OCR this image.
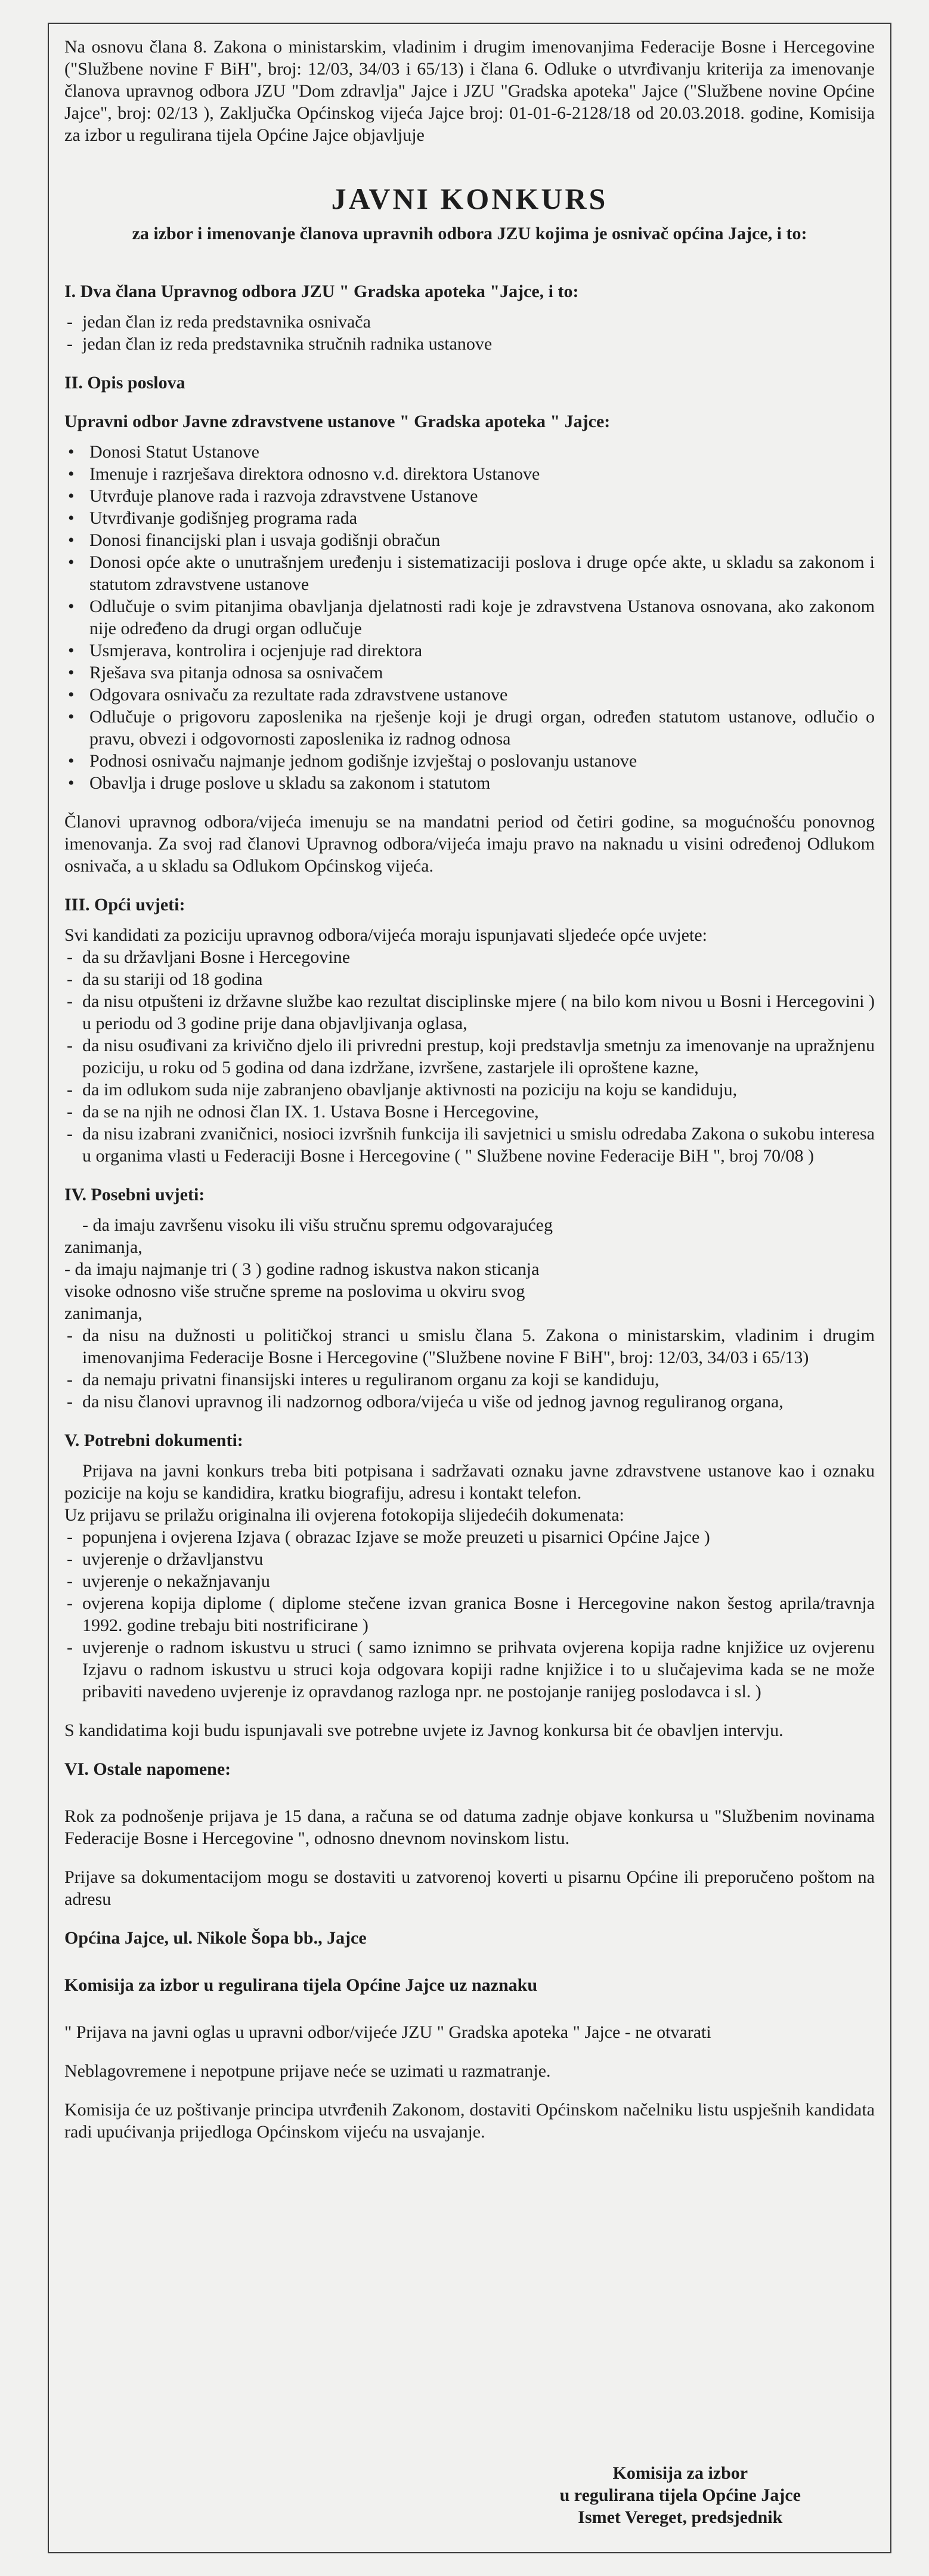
Na osnovu člana 8. Zakona o ministarskim, vladinim i drugim imenovanjima Federacije Bosne i Hercegovine ("Službene novine F BiH", broj: 12/03, 34/03 i 65/13) i člana 6. Odluke o utvrđivanju kriterija za imenovanje članova upravnog odbora JZU "Dom zdravlja" Jajce i JZU "Gradska apoteka" Jajce ("Službene novine Općine Jajce", broj: 02/13 ), Zaključka Općinskog vijeća Jajce broj: 01-01-6-2128/18 od 20.03.2018. godine, Komisija za izbor u regulirana tijela Općine Jajce objavljuje

JAVNI KONKURS
za izbor i imenovanje članova upravnih odbora JZU kojima je osnivač općina Jajce, i to:

I. Dva člana Upravnog odbora JZU " Gradska apoteka "Jajce, i to:

- jedan član iz reda predstavnika osnivača
- jedan član iz reda predstavnika stručnih radnika ustanove

II. Opis poslova

Upravni odbor Javne zdravstvene ustanove " Gradska apoteka " Jajce:

• Donosi Statut Ustanove
• Imenuje i razrješava direktora odnosno v.d. direktora Ustanove
• Utvrđuje planove rada i razvoja zdravstvene Ustanove
• Utvrđivanje godišnjeg programa rada
• Donosi financijski plan i usvaja godišnji obračun
• Donosi opće akte o unutrašnjem uređenju i sistematizaciji poslova i druge opće akte, u skladu sa zakonom i statutom zdravstvene ustanove
• Odlučuje o svim pitanjima obavljanja djelatnosti radi koje je zdravstvena Ustanova osnovana, ako zakonom nije određeno da drugi organ odlučuje
• Usmjerava, kontrolira i ocjenjuje rad direktora
• Rješava sva pitanja odnosa sa osnivačem
• Odgovara osnivaču za rezultate rada zdravstvene ustanove
• Odlučuje o prigovoru zaposlenika na rješenje koji je drugi organ, određen statutom ustanove, odlučio o pravu, obvezi i odgovornosti zaposlenika iz radnog odnosa
• Podnosi osnivaču najmanje jednom godišnje izvještaj o poslovanju ustanove
• Obavlja i druge poslove u skladu sa zakonom i statutom

Članovi upravnog odbora/vijeća imenuju se na mandatni period od četiri godine, sa mogućnošću ponovnog imenovanja. Za svoj rad članovi Upravnog odbora/vijeća imaju pravo na naknadu u visini određenoj Odlukom osnivača, a u skladu sa Odlukom Općinskog vijeća.

III. Opći uvjeti:

Svi kandidati za poziciju upravnog odbora/vijeća moraju ispunjavati sljedeće opće uvjete:

- da su državljani Bosne i Hercegovine
- da su stariji od 18 godina
- da nisu otpušteni iz državne službe kao rezultat disciplinske mjere ( na bilo kom nivou u Bosni i Hercegovini ) u periodu od 3 godine prije dana objavljivanja oglasa,
- da nisu osuđivani za krivično djelo ili privredni prestup, koji predstavlja smetnju za imenovanje na upražnjenu poziciju, u roku od 5 godina od dana izdržane, izvršene, zastarjele ili oproštene kazne,
- da im odlukom suda nije zabranjeno obavljanje aktivnosti na poziciju na koju se kandiduju,
- da se na njih ne odnosi član IX. 1. Ustava Bosne i Hercegovine,
- da nisu izabrani zvaničnici, nosioci izvršnih funkcija ili savjetnici u smislu odredaba Zakona o sukobu interesa u organima vlasti u Federaciji Bosne i Hercegovine ( " Službene novine Federacije BiH ", broj 70/08 )

IV. Posebni uvjeti:

- da imaju završenu visoku ili višu stručnu spremu odgovarajućeg

zanimanja,

- da imaju najmanje tri ( 3 ) godine radnog iskustva nakon sticanja

visoke odnosno više stručne spreme na poslovima u okviru svog

zanimanja,

- da nisu na dužnosti u političkoj stranci u smislu člana 5. Zakona o ministarskim, vladinim i drugim imenovanjima Federacije Bosne i Hercegovine ("Službene novine F BiH", broj: 12/03, 34/03 i 65/13)
- da nemaju privatni finansijski interes u reguliranom organu za koji se kandiduju,
- da nisu članovi upravnog ili nadzornog odbora/vijeća u više od jednog javnog reguliranog organa,

V. Potrebni dokumenti:

Prijava na javni konkurs treba biti potpisana i sadržavati oznaku javne zdravstvene ustanove kao i oznaku pozicije na koju se kandidira, kratku biografiju, adresu i kontakt telefon.

Uz prijavu se prilažu originalna ili ovjerena fotokopija slijedećih dokumenata:

- popunjena i ovjerena Izjava ( obrazac Izjave se može preuzeti u pisarnici Općine Jajce )
- uvjerenje o državljanstvu
- uvjerenje o nekažnjavanju
- ovjerena kopija diplome ( diplome stečene izvan granica Bosne i Hercegovine nakon šestog aprila/travnja 1992. godine trebaju biti nostrificirane )
- uvjerenje o radnom iskustvu u struci ( samo iznimno se prihvata ovjerena kopija radne knjižice uz ovjerenu Izjavu o radnom iskustvu u struci koja odgovara kopiji radne knjižice i to u slučajevima kada se ne može pribaviti navedeno uvjerenje iz opravdanog razloga npr. ne postojanje ranijeg poslodavca i sl. )

S kandidatima koji budu ispunjavali sve potrebne uvjete iz Javnog konkursa bit će obavljen intervju.

VI. Ostale napomene:

Rok za podnošenje prijava je 15 dana, a računa se od datuma zadnje objave konkursa u "Službenim novinama Federacije Bosne i Hercegovine ", odnosno dnevnom novinskom listu.

Prijave sa dokumentacijom mogu se dostaviti u zatvorenoj koverti u pisarnu Općine ili preporučeno poštom na adresu

Općina Jajce, ul. Nikole Šopa bb., Jajce

Komisija za izbor u regulirana tijela Općine Jajce uz naznaku

" Prijava na javni oglas u upravni odbor/vijeće JZU " Gradska apoteka " Jajce - ne otvarati

Neblagovremene i nepotpune prijave neće se uzimati u razmatranje.

Komisija će uz poštivanje principa utvrđenih Zakonom, dostaviti Općinskom načelniku listu uspješnih kandidata radi upućivanja prijedloga Općinskom vijeću na usvajanje.

Komisija za izbor

u regulirana tijela Općine Jajce

Ismet Vereget, predsjednik
